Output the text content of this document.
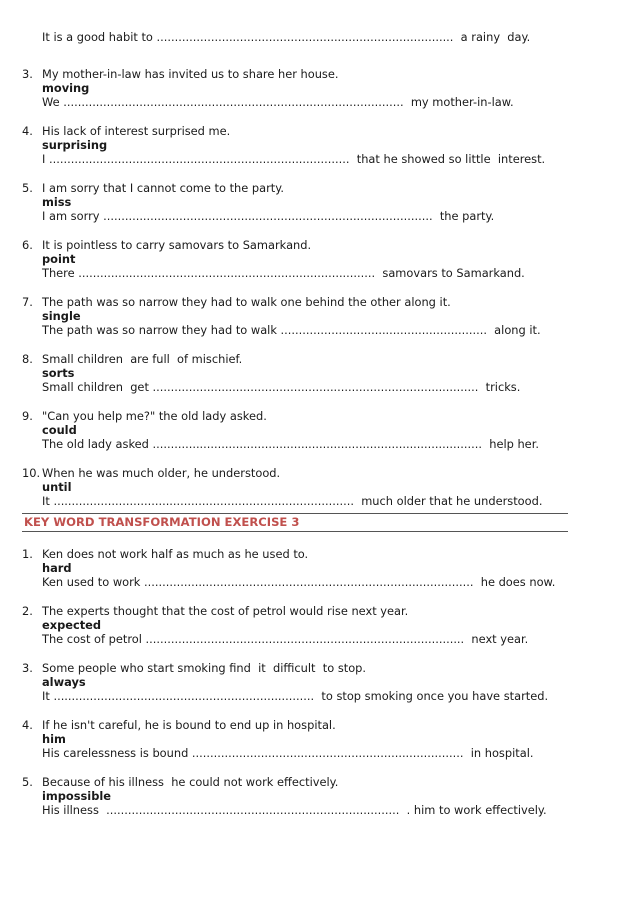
It is a good habit to ..................................................................................  a rainy  day.
3. My mother-in-law has invited us to share her house.
moving
We ..............................................................................................  my mother-in-law.
4. His lack of interest surprised me.
surprising
I ...................................................................................  that he showed so little  interest.
5. I am sorry that I cannot come to the party.
miss
I am sorry ...........................................................................................  the party.
6. It is pointless to carry samovars to Samarkand.
point
There ..................................................................................  samovars to Samarkand.
7. The path was so narrow they had to walk one behind the other along it.
single
The path was so narrow they had to walk .........................................................  along it.
8. Small children  are full  of mischief.
sorts
Small children  get ..........................................................................................  tricks.
9. "Can you help me?" the old lady asked.
could
The old lady asked ...........................................................................................  help her.
10. When he was much older, he understood.
until
It ...................................................................................  much older that he understood.
KEY WORD TRANSFORMATION EXERCISE 3
1. Ken does not work half as much as he used to.
hard
Ken used to work ...........................................................................................  he does now.
2. The experts thought that the cost of petrol would rise next year.
expected
The cost of petrol ........................................................................................  next year.
3. Some people who start smoking find  it  difficult  to stop.
always
It ........................................................................  to stop smoking once you have started.
4. If he isn't careful, he is bound to end up in hospital.
him
His carelessness is bound ...........................................................................  in hospital.
5. Because of his illness  he could not work effectively.
impossible
His illness  .................................................................................  . him to work effectively.
